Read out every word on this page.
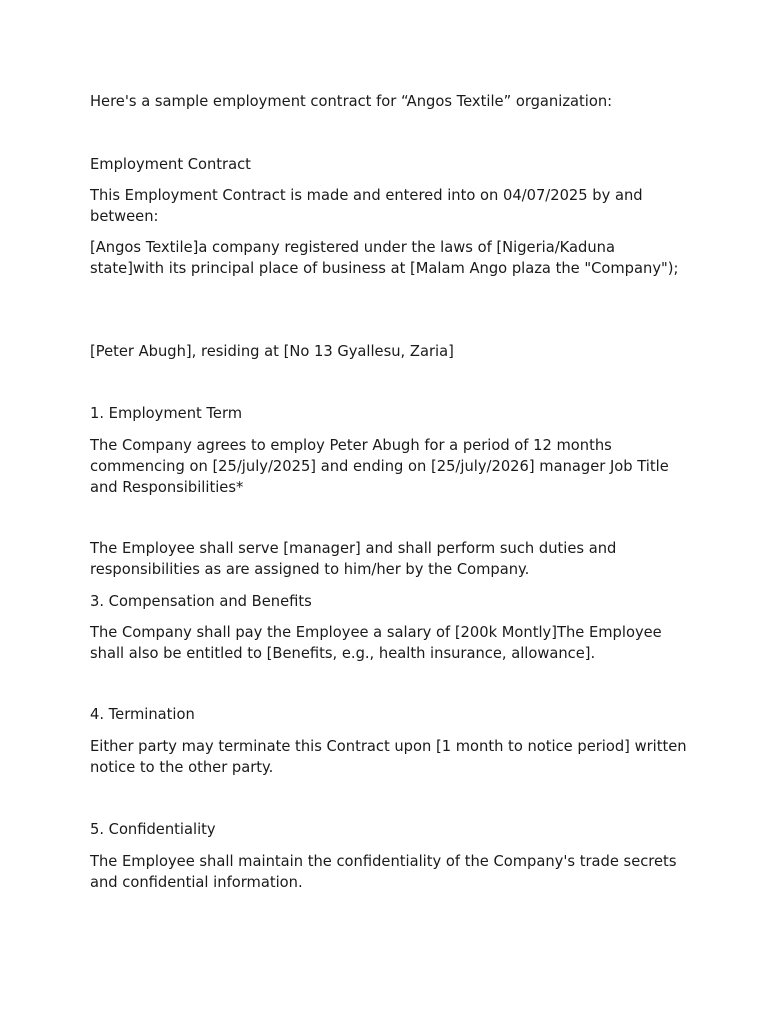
Here's a sample employment contract for “Angos Textile” organization:

Employment Contract

This Employment Contract is made and entered into on 04/07/2025 by and between:

[Angos Textile]a company registered under the laws of [Nigeria/Kaduna state]with its principal place of business at [Malam Ango plaza the "Company");

[Peter Abugh], residing at [No 13 Gyallesu, Zaria]

1. Employment Term

The Company agrees to employ Peter Abugh for a period of 12 months commencing on [25/july/2025] and ending on [25/july/2026] manager Job Title and Responsibilities*

The Employee shall serve [manager] and shall perform such duties and responsibilities as are assigned to him/her by the Company.

3. Compensation and Benefits

The Company shall pay the Employee a salary of [200k Montly]The Employee shall also be entitled to [Benefits, e.g., health insurance, allowance].

4. Termination

Either party may terminate this Contract upon [1 month to notice period] written notice to the other party.

5. Confidentiality

The Employee shall maintain the confidentiality of the Company's trade secrets and confidential information.
